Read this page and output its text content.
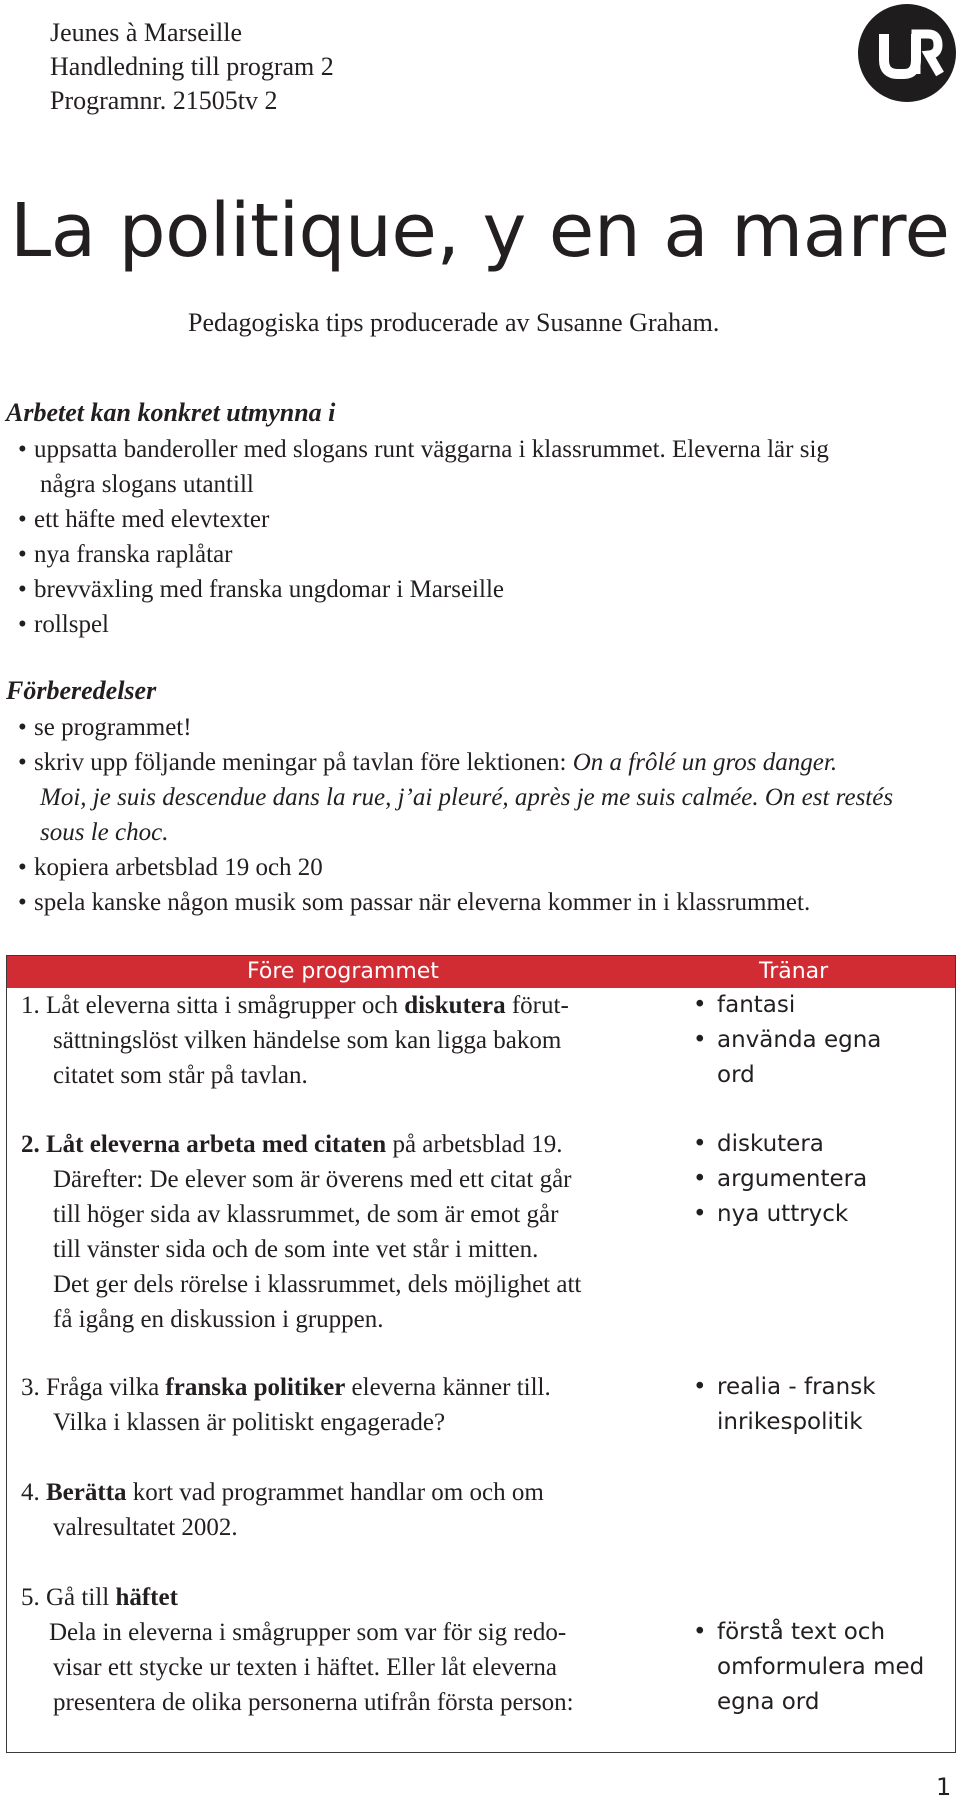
Jeunes à Marseille
Handledning till program 2
Programnr. 21505tv 2
La politique, y en a marre
Pedagogiska tips producerade av Susanne Graham.
Arbetet kan konkret utmynna i
• uppsatta banderoller med slogans runt väggarna i klassrummet. Eleverna lär sig
några slogans utantill
• ett häfte med elevtexter
• nya franska raplåtar
• brevväxling med franska ungdomar i Marseille
• rollspel
Förberedelser
• se programmet!
• skriv upp följande meningar på tavlan före lektionen: On a frôlé un gros danger.
Moi, je suis descendue dans la rue, j’ai pleuré, après je me suis calmée. On est restés
sous le choc.
• kopiera arbetsblad 19 och 20
• spela kanske någon musik som passar när eleverna kommer in i klassrummet.
Före programmet	Tränar
1. Låt eleverna sitta i smågrupper och diskutera förut-
sättningslöst vilken händelse som kan ligga bakom
citatet som står på tavlan.
• fantasi
• använda egna
ord
2. Låt eleverna arbeta med citaten på arbetsblad 19.
Därefter: De elever som är överens med ett citat går
till höger sida av klassrummet, de som är emot går
till vänster sida och de som inte vet står i mitten.
Det ger dels rörelse i klassrummet, dels möjlighet att
få igång en diskussion i gruppen.
• diskutera
• argumentera
• nya uttryck
3. Fråga vilka franska politiker eleverna känner till.
Vilka i klassen är politiskt engagerade?
• realia - fransk
inrikespolitik
4. Berätta kort vad programmet handlar om och om
valresultatet 2002.
5. Gå till häftet
Dela in eleverna i smågrupper som var för sig redo-
visar ett stycke ur texten i häftet. Eller låt eleverna
presentera de olika personerna utifrån första person:
• förstå text och
omformulera med
egna ord
1
